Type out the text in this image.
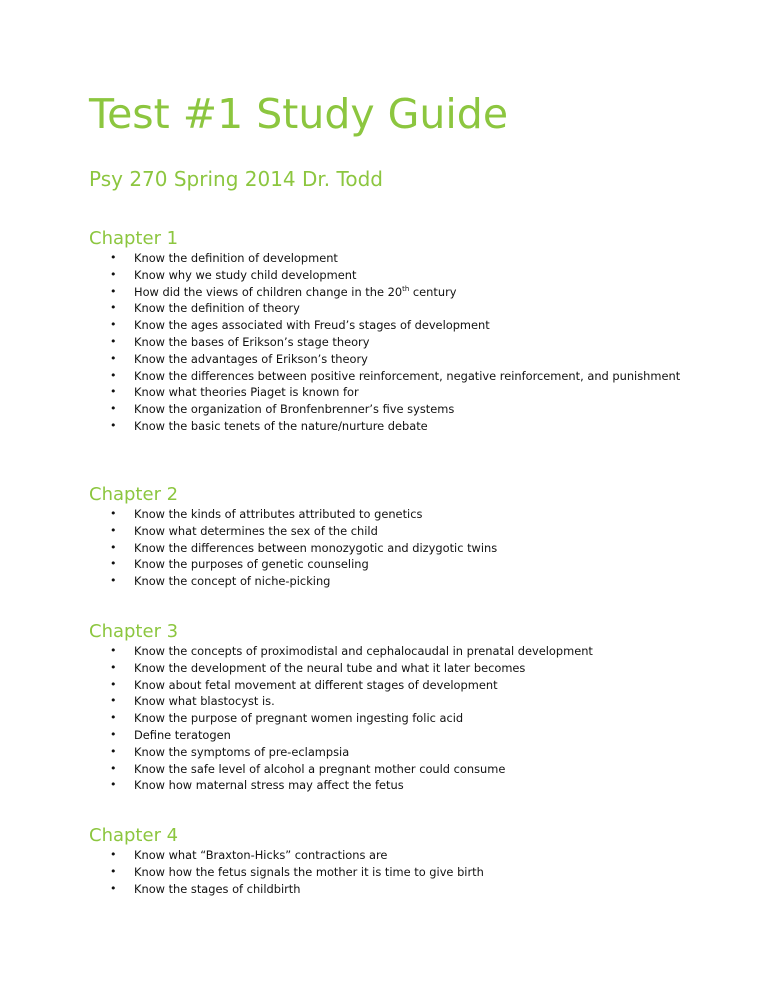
Test #1 Study Guide
Psy 270 Spring 2014 Dr. Todd
Chapter 1
• Know the definition of development
• Know why we study child development
• How did the views of children change in the 20th century
• Know the definition of theory
• Know the ages associated with Freud’s stages of development
• Know the bases of Erikson’s stage theory
• Know the advantages of Erikson’s theory
• Know the differences between positive reinforcement, negative reinforcement, and punishment
• Know what theories Piaget is known for
• Know the organization of Bronfenbrenner’s five systems
• Know the basic tenets of the nature/nurture debate
Chapter 2
• Know the kinds of attributes attributed to genetics
• Know what determines the sex of the child
• Know the differences between monozygotic and dizygotic twins
• Know the purposes of genetic counseling
• Know the concept of niche-picking
Chapter 3
• Know the concepts of proximodistal and cephalocaudal in prenatal development
• Know the development of the neural tube and what it later becomes
• Know about fetal movement at different stages of development
• Know what blastocyst is.
• Know the purpose of pregnant women ingesting folic acid
• Define teratogen
• Know the symptoms of pre-eclampsia
• Know the safe level of alcohol a pregnant mother could consume
• Know how maternal stress may affect the fetus
Chapter 4
• Know what “Braxton-Hicks” contractions are
• Know how the fetus signals the mother it is time to give birth
• Know the stages of childbirth
